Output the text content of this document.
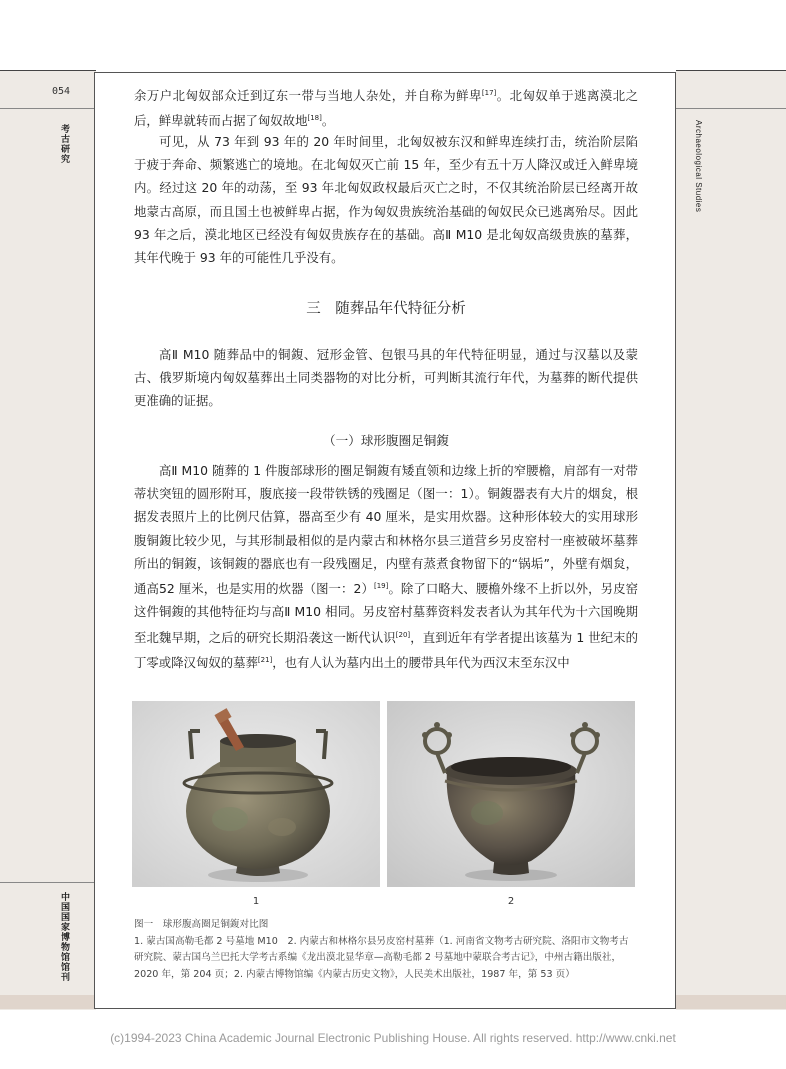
054
考古研究
中国国家博物馆馆刊
Archaeological Studies

余万户北匈奴部众迁到辽东一带与当地人杂处，并自称为鲜卑[17]。北匈奴单于逃离漠北之后，鲜卑就转而占据了匈奴故地[18]。

可见，从 73 年到 93 年的 20 年时间里，北匈奴被东汉和鲜卑连续打击，统治阶层陷于疲于奔命、频繁逃亡的境地。在北匈奴灭亡前 15 年，至少有五十万人降汉或迁入鲜卑境内。经过这 20 年的动荡，至 93 年北匈奴政权最后灭亡之时，不仅其统治阶层已经离开故地蒙古高原，而且国土也被鲜卑占据，作为匈奴贵族统治基础的匈奴民众已逃离殆尽。因此 93 年之后，漠北地区已经没有匈奴贵族存在的基础。高Ⅱ M10 是北匈奴高级贵族的墓葬，其年代晚于 93 年的可能性几乎没有。

三　随葬品年代特征分析

高Ⅱ M10 随葬品中的铜鍑、冠形金管、包银马具的年代特征明显，通过与汉墓以及蒙古、俄罗斯境内匈奴墓葬出土同类器物的对比分析，可判断其流行年代，为墓葬的断代提供更准确的证据。

（一）球形腹圈足铜鍑

高Ⅱ M10 随葬的 1 件腹部球形的圈足铜鍑有矮直领和边缘上折的窄腰檐，肩部有一对带蒂状突钮的圆形附耳，腹底接一段带铁锈的残圈足（图一：1）。铜鍑器表有大片的烟炱，根据发表照片上的比例尺估算，器高至少有 40 厘米，是实用炊器。这种形体较大的实用球形腹铜鍑比较少见，与其形制最相似的是内蒙古和林格尔县三道营乡另皮窑村一座被破坏墓葬所出的铜鍑，该铜鍑的器底也有一段残圈足，内壁有蒸煮食物留下的“锅垢”，外壁有烟炱，通高52 厘米，也是实用的炊器（图一：2）[19]。除了口略大、腰檐外缘不上折以外，另皮窑这件铜鍑的其他特征均与高Ⅱ M10 相同。另皮窑村墓葬资料发表者认为其年代为十六国晚期至北魏早期，之后的研究长期沿袭这一断代认识[20]，直到近年有学者提出该墓为 1 世纪末的丁零或降汉匈奴的墓葬[21]，也有人认为墓内出土的腰带具年代为西汉末至东汉中

1	2

图一　球形腹高圈足铜鍑对比图

1. 蒙古国高勒毛都 2 号墓地 M10　2. 内蒙古和林格尔县另皮窑村墓葬（1. 河南省文物考古研究院、洛阳市文物考古研究院、蒙古国乌兰巴托大学考古系编《龙出漠北显华章—高勒毛都 2 号墓地中蒙联合考古记》，中州古籍出版社，2020 年，第 204 页；2. 内蒙古博物馆编《内蒙古历史文物》，人民美术出版社，1987 年，第 53 页）

(c)1994-2023 China Academic Journal Electronic Publishing House. All rights reserved. http://www.cnki.net
